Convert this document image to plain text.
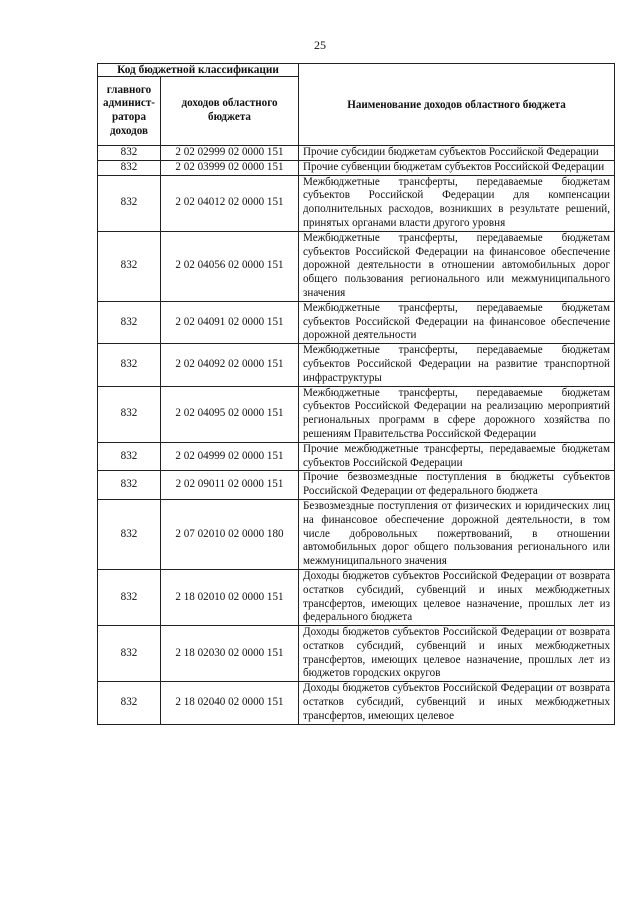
25
Код бюджетной классификации		Наименование доходов областного бюджета
главного админист-ратора доходов	доходов областного бюджета	
832	2 02 02999 02 0000 151	Прочие субсидии бюджетам субъектов Российской Федерации
832	2 02 03999 02 0000 151	Прочие субвенции бюджетам субъектов Российской Федерации
832	2 02 04012 02 0000 151	Межбюджетные трансферты, передаваемые бюджетам субъектов Российской Федерации для компенсации дополнительных расходов, возникших в результате решений, принятых органами власти другого уровня
832	2 02 04056 02 0000 151	Межбюджетные трансферты, передаваемые бюджетам субъектов Российской Федерации на финансовое обеспечение дорожной деятельности в отношении автомобильных дорог общего пользования регионального или межмуниципального значения
832	2 02 04091 02 0000 151	Межбюджетные трансферты, передаваемые бюджетам субъектов Российской Федерации на финансовое обеспечение дорожной деятельности
832	2 02 04092 02 0000 151	Межбюджетные трансферты, передаваемые бюджетам субъектов Российской Федерации на развитие транспортной инфраструктуры
832	2 02 04095 02 0000 151	Межбюджетные трансферты, передаваемые бюджетам субъектов Российской Федерации на реализацию мероприятий региональных программ в сфере дорожного хозяйства по решениям Правительства Российской Федерации
832	2 02 04999 02 0000 151	Прочие межбюджетные трансферты, передаваемые бюджетам субъектов Российской Федерации
832	2 02 09011 02 0000 151	Прочие безвозмездные поступления в бюджеты субъектов Российской Федерации от федерального бюджета
832	2 07 02010 02 0000 180	Безвозмездные поступления от физических и юридических лиц на финансовое обеспечение дорожной деятельности, в том числе добровольных пожертвований, в отношении автомобильных дорог общего пользования регионального или межмуниципального значения
832	2 18 02010 02 0000 151	Доходы бюджетов субъектов Российской Федерации от возврата остатков субсидий, субвенций и иных межбюджетных трансфертов, имеющих целевое назначение, прошлых лет из федерального бюджета
832	2 18 02030 02 0000 151	Доходы бюджетов субъектов Российской Федерации от возврата остатков субсидий, субвенций и иных межбюджетных трансфертов, имеющих целевое назначение, прошлых лет из бюджетов городских округов
832	2 18 02040 02 0000 151	Доходы бюджетов субъектов Российской Федерации от возврата остатков субсидий, субвенций и иных межбюджетных трансфертов, имеющих целевое
